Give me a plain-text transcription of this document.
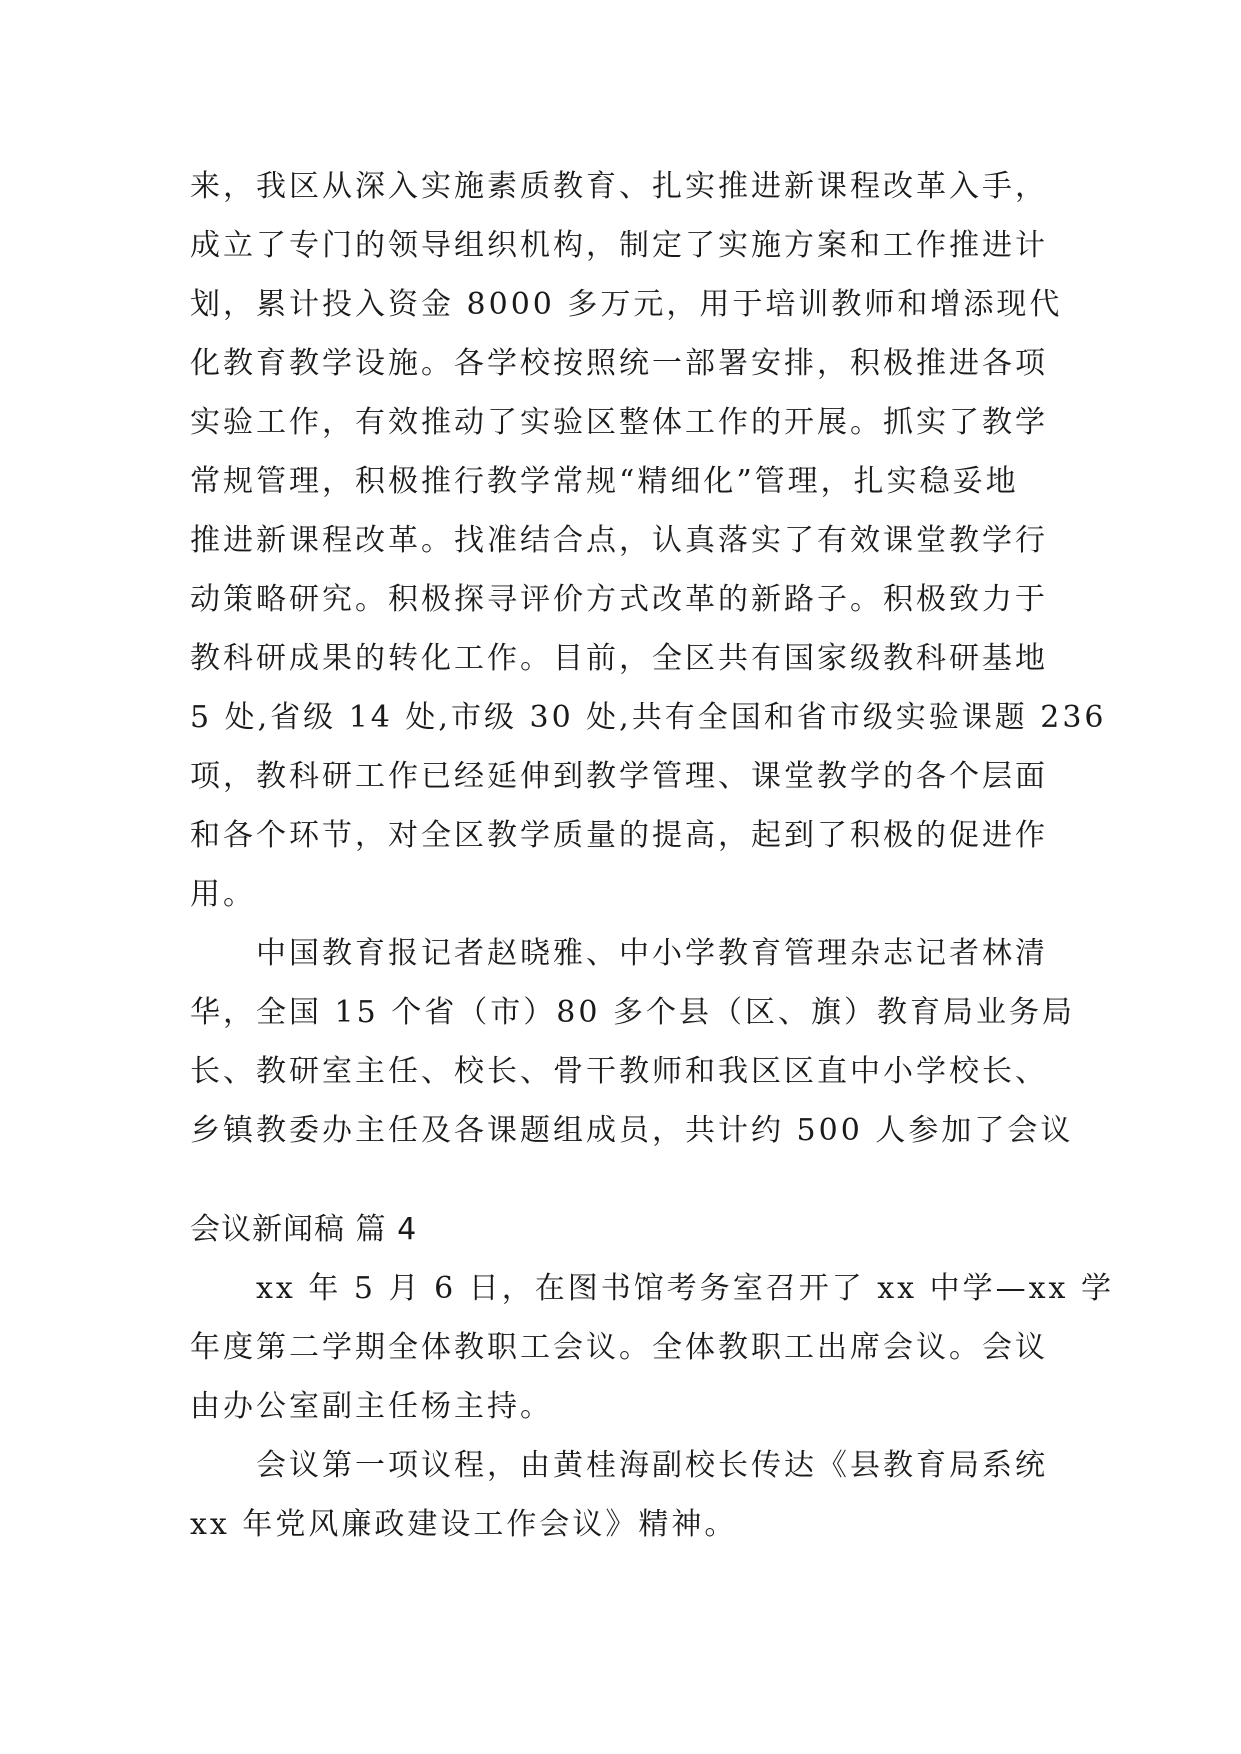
来，我区从深入实施素质教育、扎实推进新课程改革入手，
成立了专门的领导组织机构，制定了实施方案和工作推进计
划，累计投入资金 8000 多万元，用于培训教师和增添现代
化教育教学设施。各学校按照统一部署安排，积极推进各项
实验工作，有效推动了实验区整体工作的开展。抓实了教学
常规管理，积极推行教学常规“精细化”管理，扎实稳妥地
推进新课程改革。找准结合点，认真落实了有效课堂教学行
动策略研究。积极探寻评价方式改革的新路子。积极致力于
教科研成果的转化工作。目前，全区共有国家级教科研基地
5 处,省级 14 处,市级 30 处,共有全国和省市级实验课题 236
项，教科研工作已经延伸到教学管理、课堂教学的各个层面
和各个环节，对全区教学质量的提高，起到了积极的促进作
用。
　　中国教育报记者赵晓雅、中小学教育管理杂志记者林清
华，全国 15 个省（市）80 多个县（区、旗）教育局业务局
长、教研室主任、校长、骨干教师和我区区直中小学校长、
乡镇教委办主任及各课题组成员，共计约 500 人参加了会议
会议新闻稿 篇 4
　　xx 年 5 月 6 日，在图书馆考务室召开了 xx 中学—xx 学
年度第二学期全体教职工会议。全体教职工出席会议。会议
由办公室副主任杨主持。
　　会议第一项议程，由黄桂海副校长传达《县教育局系统
xx 年党风廉政建设工作会议》精神。
